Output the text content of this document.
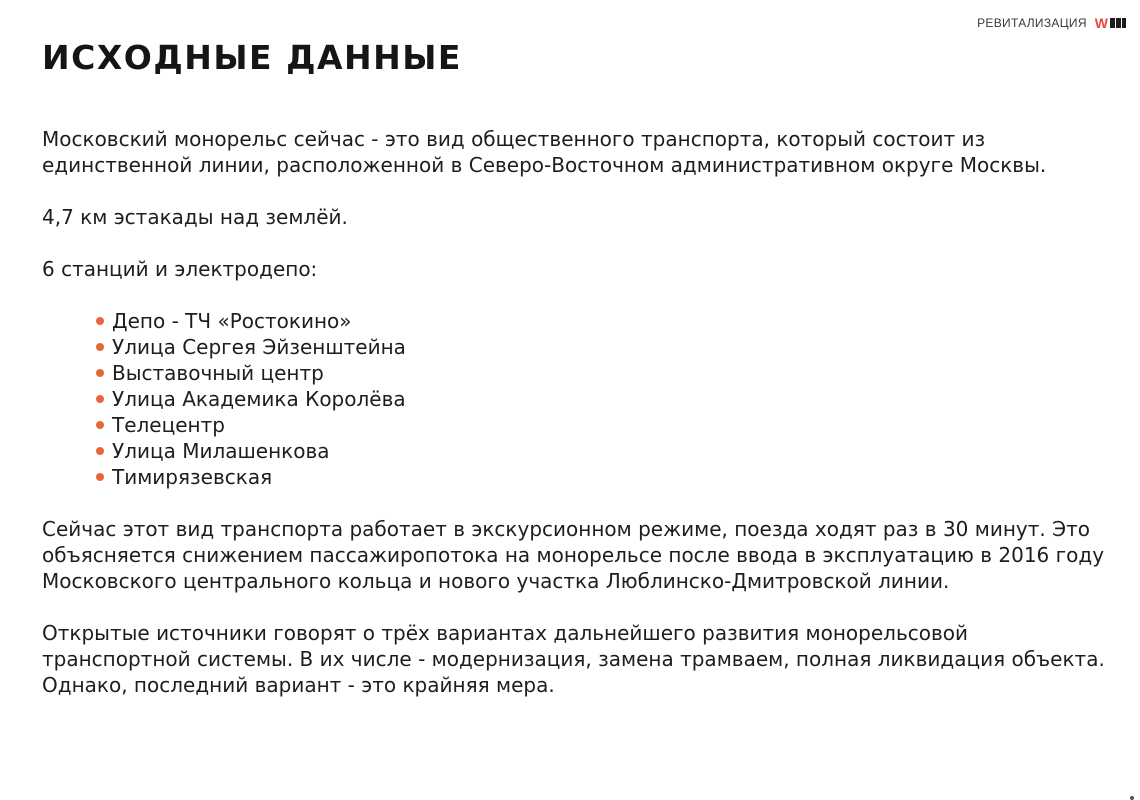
РЕВИТАЛИЗАЦИЯ W
ИСХОДНЫЕ ДАННЫЕ

Московский монорельс сейчас - это вид общественного транспорта, который состоит из единственной линии, расположенной в Северо-Восточном административном округе Москвы.

4,7 км эстакады над землёй.

6 станций и электродепо:

Депо - ТЧ «Ростокино»
Улица Сергея Эйзенштейна
Выставочный центр
Улица Академика Королёва
Телецентр
Улица Милашенкова
Тимирязевская

Сейчас этот вид транспорта работает в экскурсионном режиме, поезда ходят раз в 30 минут. Это объясняется снижением пассажиропотока на монорельсе после ввода в эксплуатацию в 2016 году Московского центрального кольца и нового участка Люблинско-Дмитровской линии.

Открытые источники говорят о трёх вариантах дальнейшего развития монорельсовой транспортной системы. В их числе - модернизация, замена трамваем, полная ликвидация объекта. Однако, последний вариант - это крайняя мера.
